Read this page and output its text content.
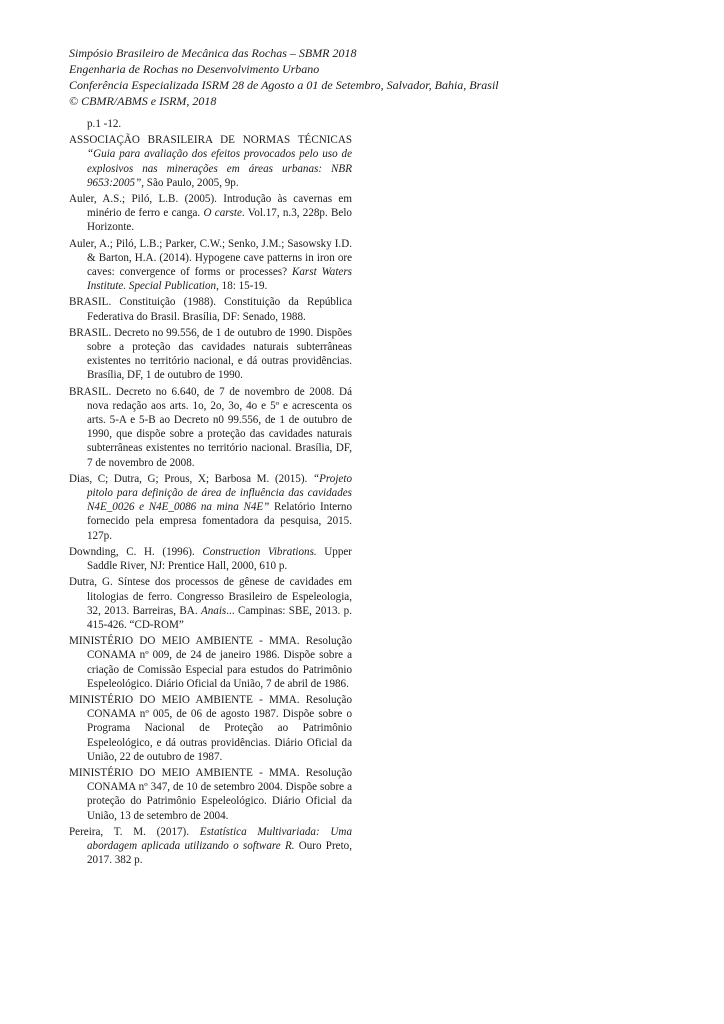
Simpósio Brasileiro de Mecânica das Rochas – SBMR 2018
Engenharia de Rochas no Desenvolvimento Urbano
Conferência Especializada ISRM 28 de Agosto a 01 de Setembro, Salvador, Bahia, Brasil
© CBMR/ABMS e ISRM, 2018

p.1 -12.

ASSOCIAÇÃO BRASILEIRA DE NORMAS TÉCNICAS “Guia para avaliação dos efeitos provocados pelo uso de explosivos nas minerações em áreas urbanas: NBR 9653:2005”, São Paulo, 2005, 9p.

Auler, A.S.; Piló, L.B. (2005). Introdução às cavernas em minério de ferro e canga. O carste. Vol.17, n.3, 228p. Belo Horizonte.

Auler, A.; Piló, L.B.; Parker, C.W.; Senko, J.M.; Sasowsky I.D. & Barton, H.A. (2014). Hypogene cave patterns in iron ore caves: convergence of forms or processes? Karst Waters Institute. Special Publication, 18: 15-19.

BRASIL. Constituição (1988). Constituição da República Federativa do Brasil. Brasília, DF: Senado, 1988.

BRASIL. Decreto no 99.556, de 1 de outubro de 1990. Dispões sobre a proteção das cavidades naturais subterrâneas existentes no território nacional, e dá outras providências. Brasília, DF, 1 de outubro de 1990.

BRASIL. Decreto no 6.640, de 7 de novembro de 2008. Dá nova redação aos arts. 1o, 2o, 3o, 4o e 5º e acrescenta os arts. 5-A e 5-B ao Decreto n0 99.556, de 1 de outubro de 1990, que dispõe sobre a proteção das cavidades naturais subterrâneas existentes no território nacional. Brasília, DF, 7 de novembro de 2008.

Dias, C; Dutra, G; Prous, X; Barbosa M. (2015). “Projeto pitolo para definição de área de influência das cavidades N4E_0026 e N4E_0086 na mina N4E” Relatório Interno fornecido pela empresa fomentadora da pesquisa, 2015. 127p.

Downding, C. H. (1996). Construction Vibrations. Upper Saddle River, NJ: Prentice Hall, 2000, 610 p.

Dutra, G. Síntese dos processos de gênese de cavidades em litologias de ferro. Congresso Brasileiro de Espeleologia, 32, 2013. Barreiras, BA. Anais... Campinas: SBE, 2013. p. 415-426. “CD-ROM”

MINISTÉRIO DO MEIO AMBIENTE - MMA. Resolução CONAMA nº 009, de 24 de janeiro 1986. Dispõe sobre a criação de Comissão Especial para estudos do Patrimônio Espeleológico. Diário Oficial da União, 7 de abril de 1986.

MINISTÉRIO DO MEIO AMBIENTE - MMA. Resolução CONAMA nº 005, de 06 de agosto 1987. Dispõe sobre o Programa Nacional de Proteção ao Patrimônio Espeleológico, e dá outras providências. Diário Oficial da União, 22 de outubro de 1987.

MINISTÉRIO DO MEIO AMBIENTE - MMA. Resolução CONAMA nº 347, de 10 de setembro 2004. Dispõe sobre a proteção do Patrimônio Espeleológico. Diário Oficial da União, 13 de setembro de 2004.

Pereira, T. M. (2017). Estatística Multivariada: Uma abordagem aplicada utilizando o software R. Ouro Preto, 2017. 382 p.
